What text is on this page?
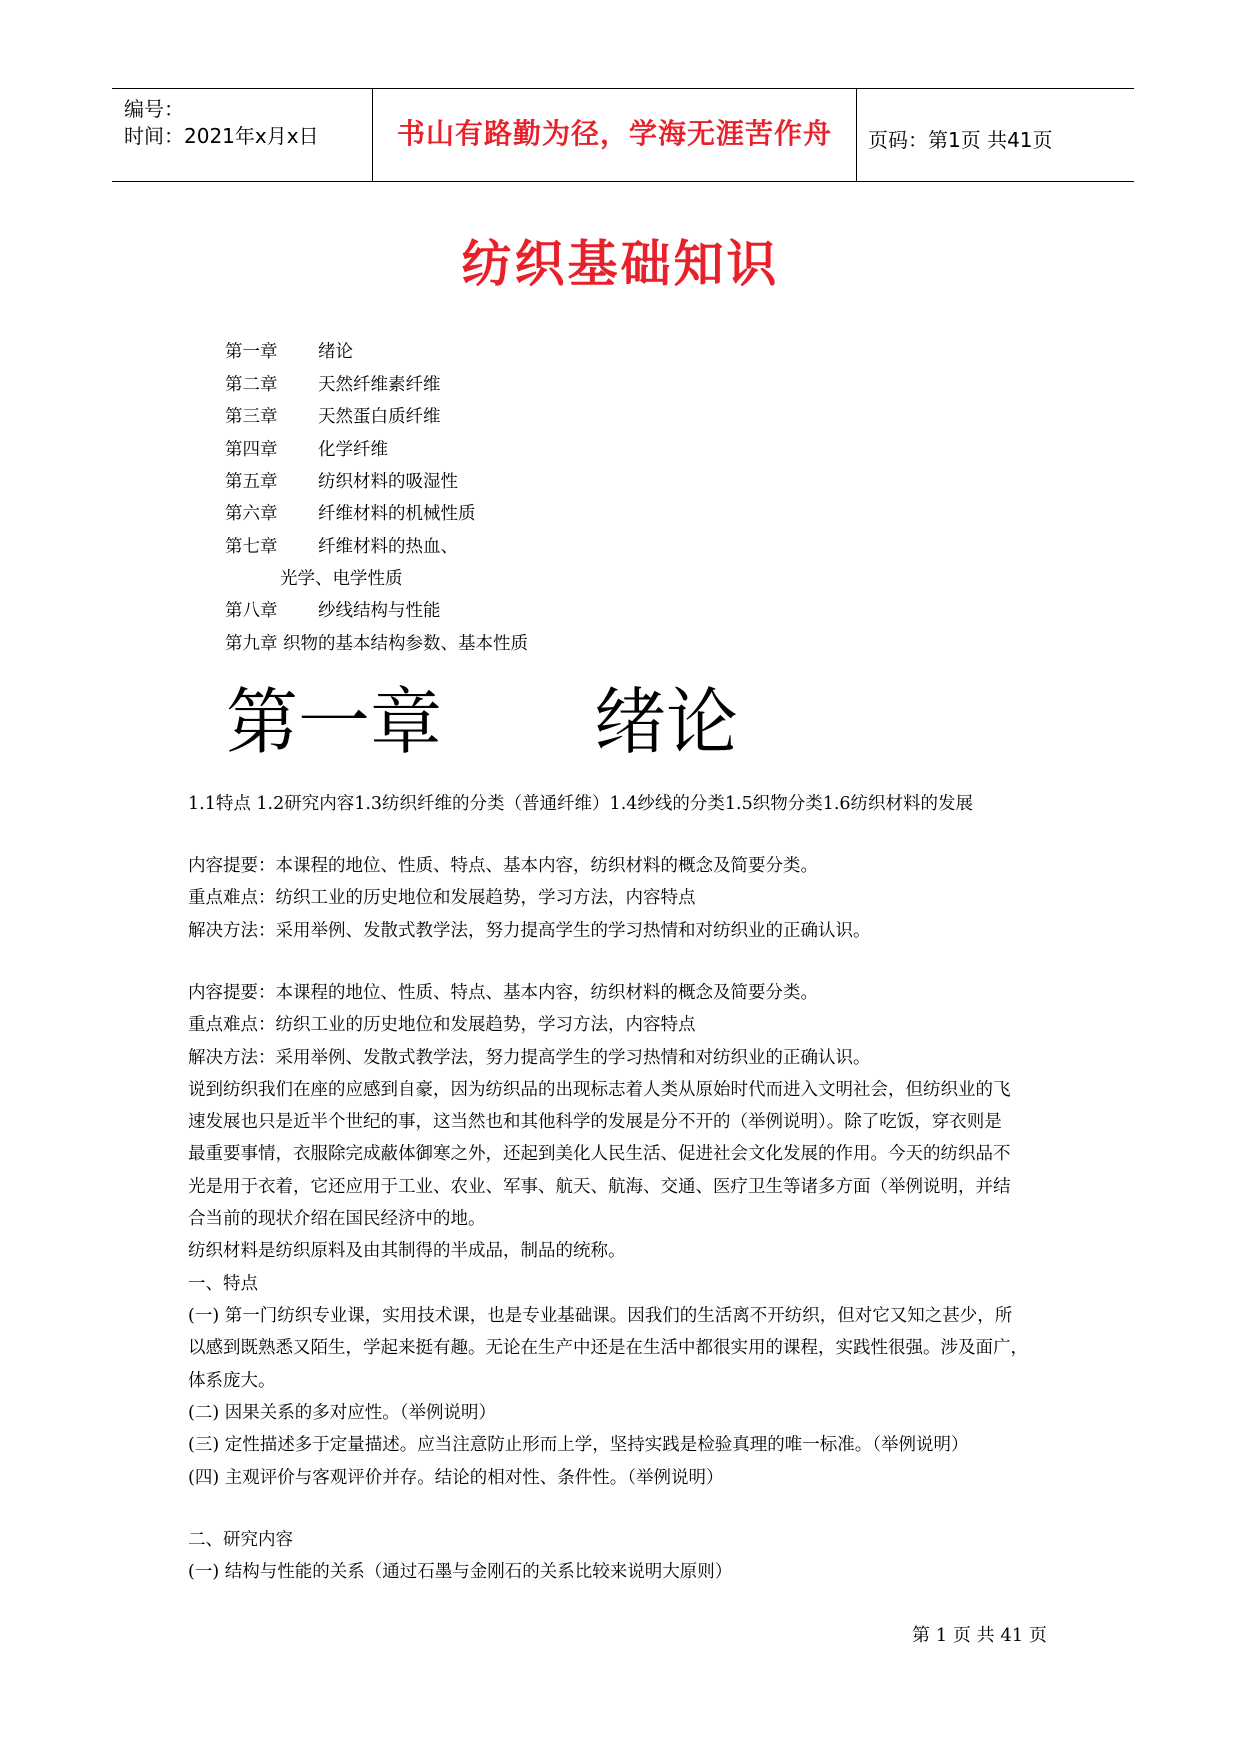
编号：
时间：2021年x月x日	书山有路勤为径，学海无涯苦作舟	页码：第1页 共41页
纺织基础知识
第一章 绪论
第二章 天然纤维素纤维
第三章 天然蛋白质纤维
第四章 化学纤维
第五章 纺织材料的吸湿性
第六章 纤维材料的机械性质
第七章 纤维材料的热血、
光学、电学性质
第八章 纱线结构与性能
第九章 织物的基本结构参数、基本性质
第一章 绪论
1.1特点 1.2研究内容1.3纺织纤维的分类（普通纤维）1.4纱线的分类1.5织物分类1.6纺织材料的发展
内容提要：本课程的地位、性质、特点、基本内容，纺织材料的概念及简要分类。
重点难点：纺织工业的历史地位和发展趋势，学习方法，内容特点
解决方法：采用举例、发散式教学法，努力提高学生的学习热情和对纺织业的正确认识。
内容提要：本课程的地位、性质、特点、基本内容，纺织材料的概念及简要分类。
重点难点：纺织工业的历史地位和发展趋势，学习方法，内容特点
解决方法：采用举例、发散式教学法，努力提高学生的学习热情和对纺织业的正确认识。
说到纺织我们在座的应感到自豪，因为纺织品的出现标志着人类从原始时代而进入文明社会，但纺织业的飞
速发展也只是近半个世纪的事，这当然也和其他科学的发展是分不开的（举例说明）。除了吃饭，穿衣则是
最重要事情，衣服除完成蔽体御寒之外，还起到美化人民生活、促进社会文化发展的作用。今天的纺织品不
光是用于衣着，它还应用于工业、农业、军事、航天、航海、交通、医疗卫生等诸多方面（举例说明，并结
合当前的现状介绍在国民经济中的地。
纺织材料是纺织原料及由其制得的半成品，制品的统称。
一、特点
(一) 第一门纺织专业课，实用技术课，也是专业基础课。因我们的生活离不开纺织，但对它又知之甚少，所
以感到既熟悉又陌生，学起来挺有趣。无论在生产中还是在生活中都很实用的课程，实践性很强。涉及面广，
体系庞大。
(二) 因果关系的多对应性。（举例说明）
(三) 定性描述多于定量描述。应当注意防止形而上学，坚持实践是检验真理的唯一标准。（举例说明）
(四) 主观评价与客观评价并存。结论的相对性、条件性。（举例说明）
二、研究内容
(一) 结构与性能的关系（通过石墨与金刚石的关系比较来说明大原则）
第 1 页 共 41 页
